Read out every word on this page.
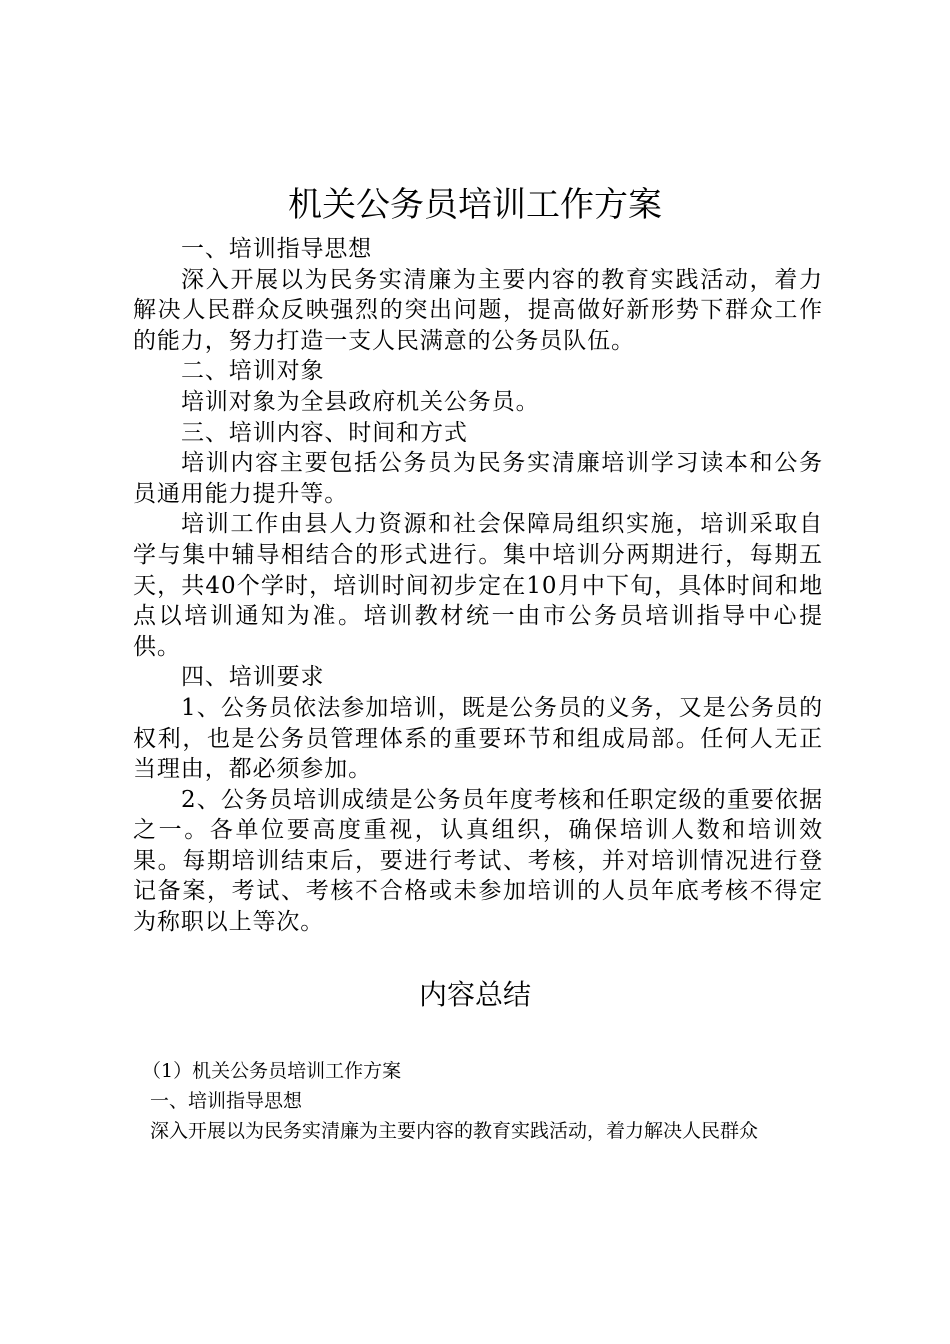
机关公务员培训工作方案

一、培训指导思想

深入开展以为民务实清廉为主要内容的教育实践活动，着力解决人民群众反映强烈的突出问题，提高做好新形势下群众工作的能力，努力打造一支人民满意的公务员队伍。

二、培训对象

培训对象为全县政府机关公务员。

三、培训内容、时间和方式

培训内容主要包括公务员为民务实清廉培训学习读本和公务员通用能力提升等。

培训工作由县人力资源和社会保障局组织实施，培训采取自学与集中辅导相结合的形式进行。集中培训分两期进行，每期五天，共40个学时，培训时间初步定在10月中下旬，具体时间和地点以培训通知为准。培训教材统一由市公务员培训指导中心提供。

四、培训要求

1、公务员依法参加培训，既是公务员的义务，又是公务员的权利，也是公务员管理体系的重要环节和组成局部。任何人无正当理由，都必须参加。

2、公务员培训成绩是公务员年度考核和任职定级的重要依据之一。各单位要高度重视，认真组织，确保培训人数和培训效果。每期培训结束后，要进行考试、考核，并对培训情况进行登记备案，考试、考核不合格或未参加培训的人员年底考核不得定为称职以上等次。

内容总结

（1）机关公务员培训工作方案

一、培训指导思想

深入开展以为民务实清廉为主要内容的教育实践活动，着力解决人民群众
